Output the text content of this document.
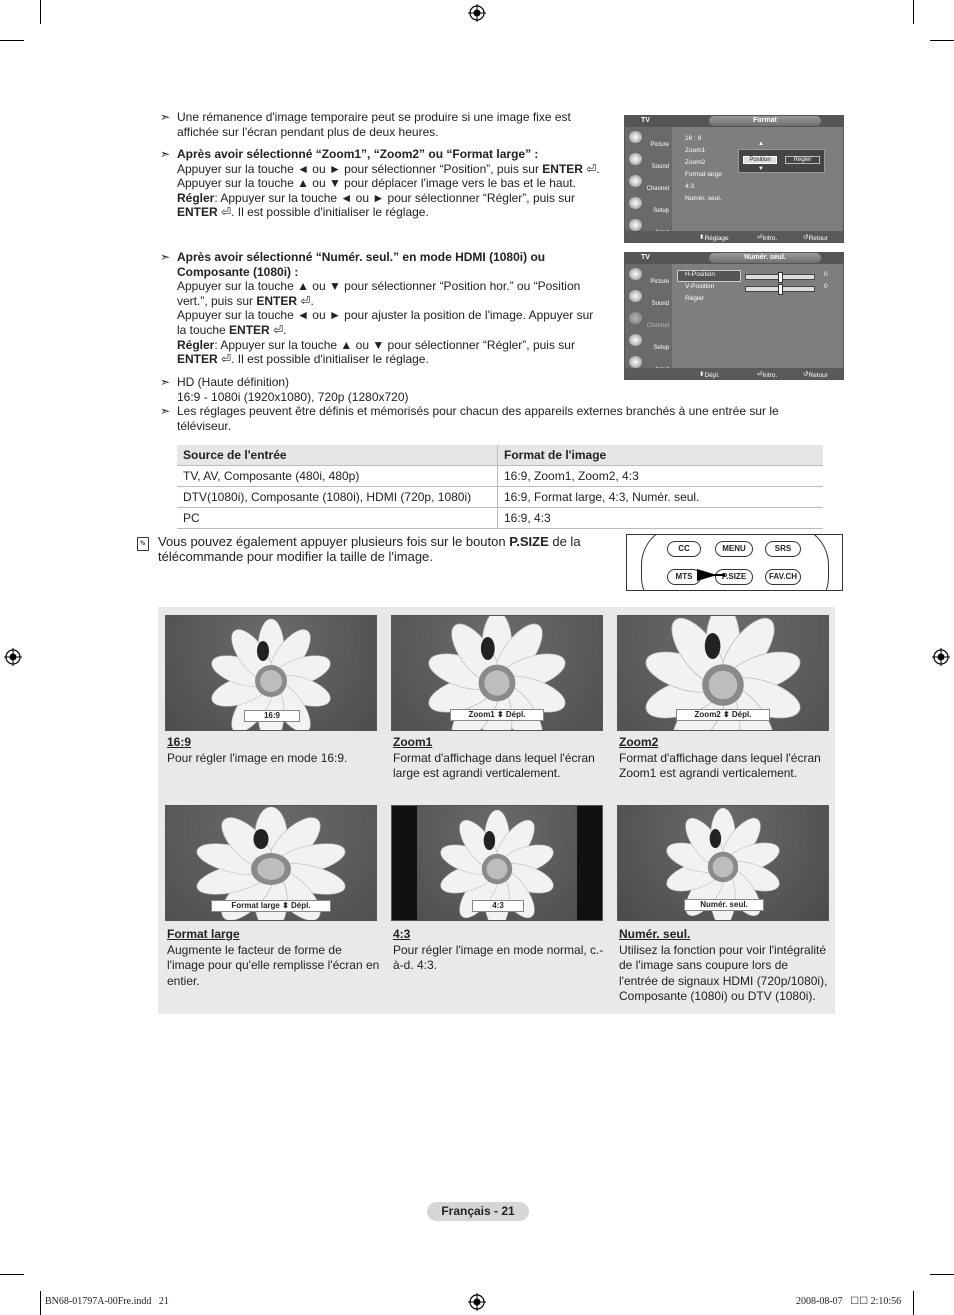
➣ Une rémanence d'image temporaire peut se produire si une image fixe est affichée sur l'écran pendant plus de deux heures.
➣ Après avoir sélectionné “Zoom1”, “Zoom2” ou “Format large” :
Appuyer sur la touche ◄ ou ► pour sélectionner “Position”, puis sur ENTER ⏎.
Appuyer sur la touche ▲ ou ▼ pour déplacer l'image vers le bas et le haut.
Régler: Appuyer sur la touche ◄ ou ► pour sélectionner “Régler”, puis sur
ENTER ⏎. Il est possible d'initialiser le réglage.
➣ Après avoir sélectionné “Numér. seul.” en mode HDMI (1080i) ou
Composante (1080i) :
Appuyer sur la touche ▲ ou ▼ pour sélectionner “Position hor.” ou “Position
vert.”, puis sur ENTER ⏎.
Appuyer sur la touche ◄ ou ► pour ajuster la position de l'image. Appuyer sur
la touche ENTER ⏎.
Régler: Appuyer sur la touche ▲ ou ▼ pour sélectionner “Régler”, puis sur
ENTER ⏎. Il est possible d'initialiser le réglage.
➣ HD (Haute définition)
16:9 - 1080i (1920x1080), 720p (1280x720)
➣ Les réglages peuvent être définis et mémorisés pour chacun des appareils externes branchés à une entrée sur le téléviseur.
TV	Format
Picture
Sound
Channel
Setup
16 : 9
Zoom1
Zoom2
Format large
4:3
Numér. seul.
▲
Position	Régler
▼
⬍ Réglage	⏎ Intro.	↺ Retour
TV	Numér. seul.
Picture
Sound
Channel
Setup
H-Position
V-Position
Régler
0
0
⬍ Dépl.	⏎ Intro.	↺ Retour
Source de l'entrée	Format de l'image
TV, AV, Composante (480i, 480p)	16:9, Zoom1, Zoom2, 4:3
DTV(1080i), Composante (1080i), HDMI (720p, 1080i)	16:9, Format large, 4:3, Numér. seul.
PC	16:9, 4:3
✎ Vous pouvez également appuyer plusieurs fois sur le bouton P.SIZE de la télécommande pour modifier la taille de l'image.
CC	MENU	SRS
MTS	P.SIZE	FAV.CH
16:9	Zoom1 ⬍ Dépl.	Zoom2 ⬍ Dépl.
16:9
Pour régler l'image en mode 16:9.
Zoom1
Format d'affichage dans lequel l'écran large est agrandi verticalement.
Zoom2
Format d'affichage dans lequel l'écran Zoom1 est agrandi verticalement.
Format large ⬍ Dépl.	4:3	Numér. seul.
Format large
Augmente le facteur de forme de l'image pour qu'elle remplisse l'écran en entier.
4:3
Pour régler l'image en mode normal, c.-à-d. 4:3.
Numér. seul.
Utilisez la fonction pour voir l'intégralité de l'image sans coupure lors de l'entrée de signaux HDMI (720p/1080i), Composante (1080i) ou DTV (1080i).
Français - 21
BN68-01797A-00Fre.indd   21	2008-08-07   ☐☐ 2:10:56
